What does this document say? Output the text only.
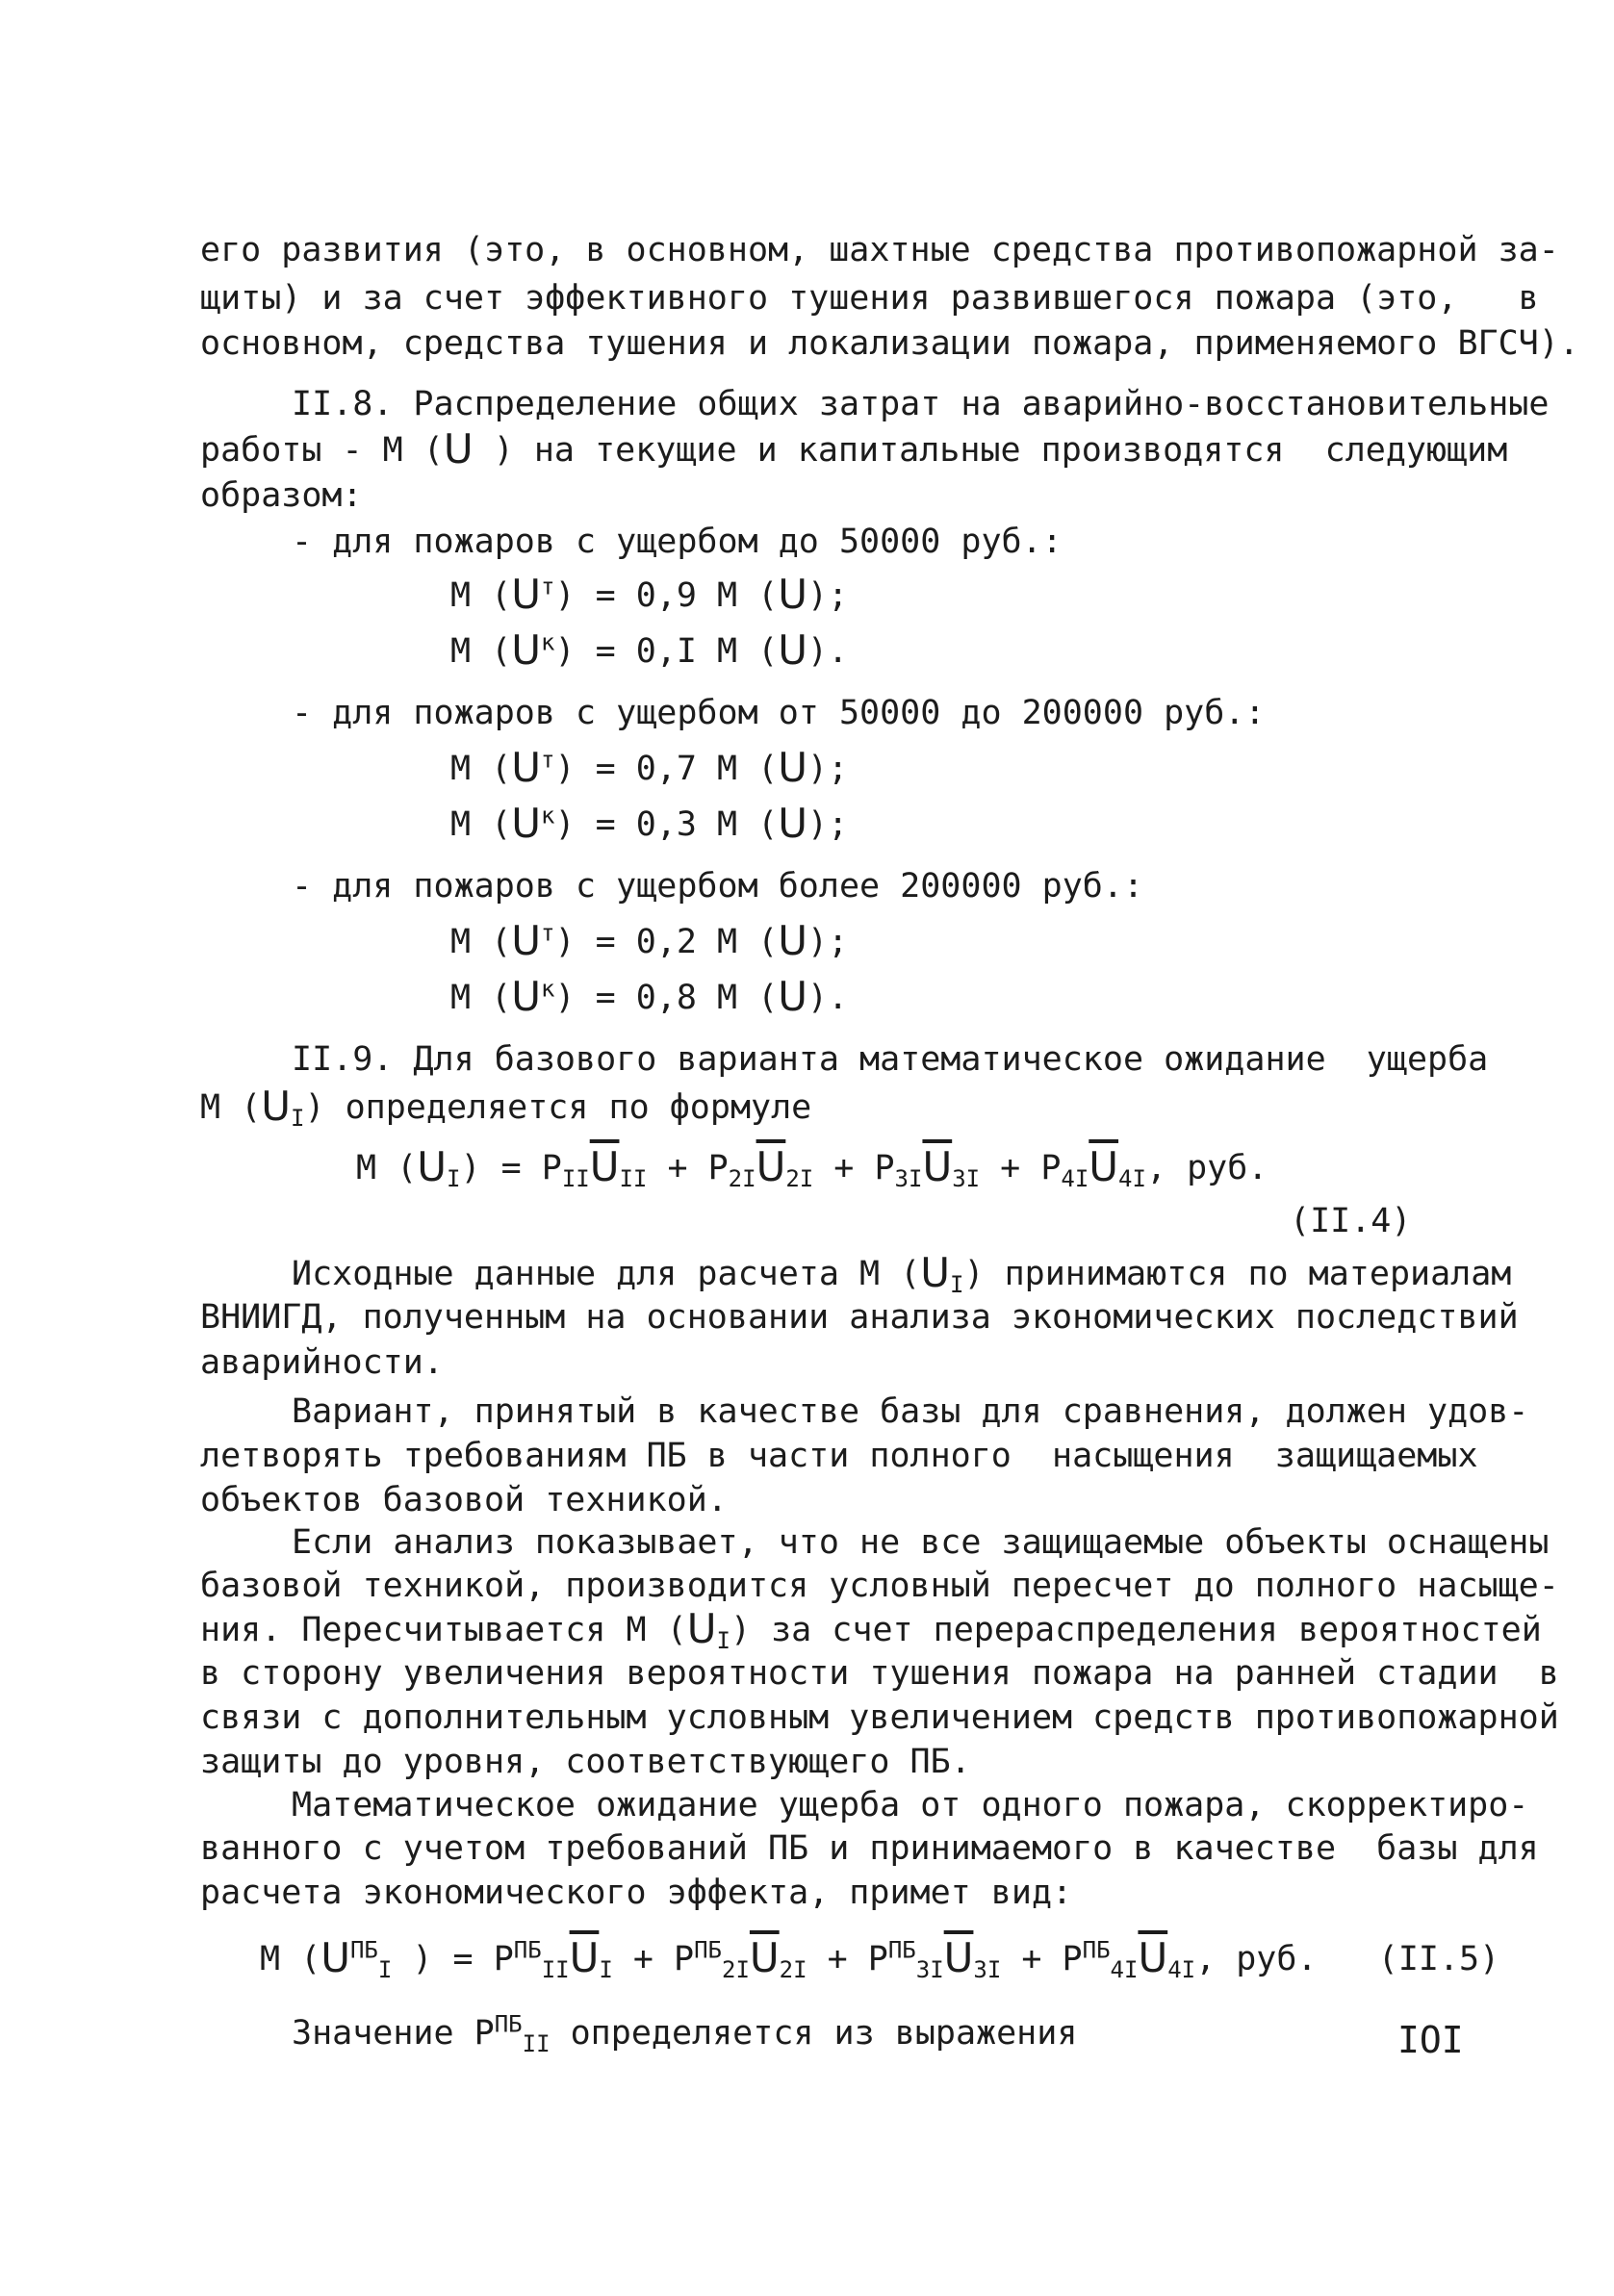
его развития (это, в основном, шахтные средства противопожарной за-
щиты) и за счет эффективного тушения развившегося пожара (это,   в
основном, средства тушения и локализации пожара, применяемого ВГСЧ).
II.8. Распределение общих затрат на аварийно-восстановительные
работы - М (U ) на текущие и капитальные производятся  следующим
образом:
- для пожаров с ущербом до 50000 руб.:
М $(U^т) = 0,9$ М (U);
М $(U^к) = 0,I$ М (U).
- для пожаров с ущербом от 50000 до 200000 руб.:
М $(U^т) = 0,7$ М (U);
М $(U^к) = 0,3$ М (U);
- для пожаров с ущербом более 200000 руб.:
М $(U^т) = 0,2$ М (U);
М $(U^к) = 0,8$ М (U).
II.9. Для базового варианта математическое ожидание  ущерба
М $(U_I)$ определяется по формуле
М $(U_I) = P_{II}\overline{U}_{II} + P_{2I}\overline{U}_{2I} + P_{3I}\overline{U}_{3I} + P_{4I}\overline{U}_{4I}$, руб.
(II.4)
Исходные данные для расчета М $(U_I)$ принимаются по материалам
ВНИИГД, полученным на основании анализа экономических последствий
аварийности.
Вариант, принятый в качестве базы для сравнения, должен удов-
летворять требованиям ПБ в части полного  насыщения  защищаемых
объектов базовой техникой.
Если анализ показывает, что не все защищаемые объекты оснащены
базовой техникой, производится условный пересчет до полного насыще-
ния. Пересчитывается М $(U_I)$ за счет перераспределения вероятностей
в сторону увеличения вероятности тушения пожара на ранней стадии  в
связи с дополнительным условным увеличением средств противопожарной
защиты до уровня, соответствующего ПБ.
Математическое ожидание ущерба от одного пожара, скорректиро-
ванного с учетом требований ПБ и принимаемого в качестве  базы для
расчета экономического эффекта, примет вид:
М ($U^{ПБ}_I$ ) = $P^{ПБ}_{II}\overline{U}_I + P^{ПБ}_{2I}\overline{U}_{2I} + P^{ПБ}_{3I}\overline{U}_{3I} + P^{ПБ}_{4I}\overline{U}_{4I}$, руб. (II.5)
Значение $Р^{ПБ}_{II}$ определяется из выражения	IOI
